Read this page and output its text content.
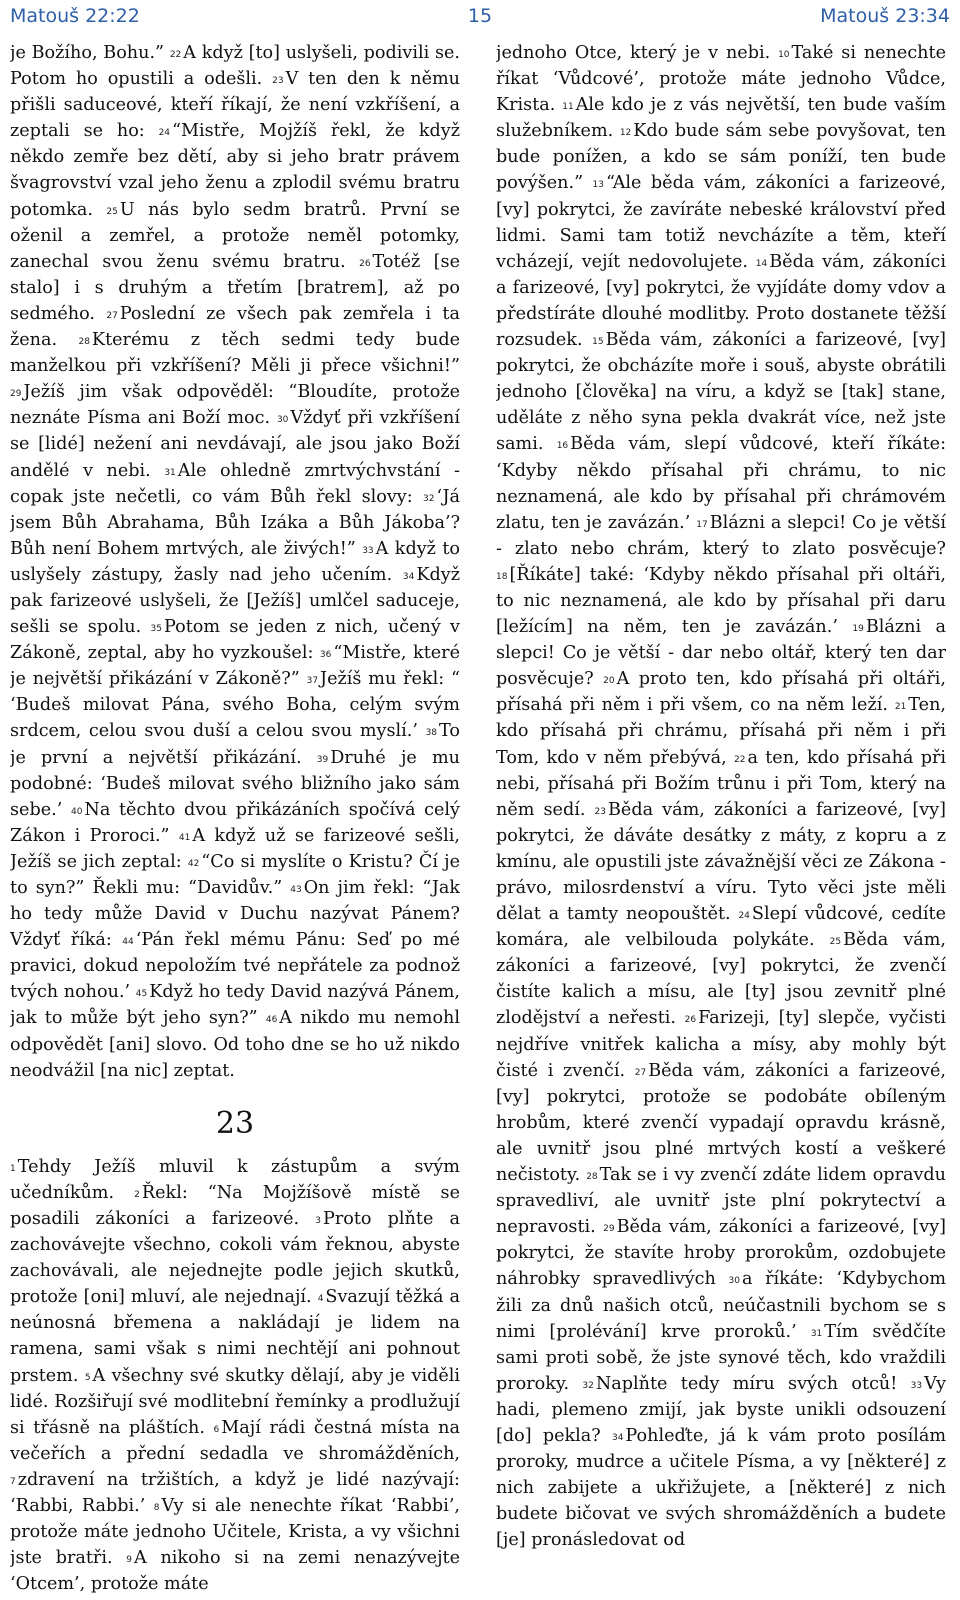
Matouš 22:22	15	Matouš 23:34

je Božího, Bohu.” $^{22}$ A když [to] uslyšeli, podivili se. Potom ho opustili a odešli. $^{23}$ V ten den k němu přišli saduceové, kteří říkají, že není vzkříšení, a zeptali se ho: $^{24}$ “Mistře, Mojžíš řekl, že když někdo zemře bez dětí, aby si jeho bratr právem švagrovství vzal jeho ženu a zplodil svému bratru potomka. $^{25}$ U nás bylo sedm bratrů. První se oženil a zemřel, a protože neměl potomky, zanechal svou ženu svému bratru. $^{26}$ Totéž [se stalo] i s druhým a třetím [bratrem], až po sedmého. $^{27}$ Poslední ze všech pak zemřela i ta žena. $^{28}$ Kterému z těch sedmi tedy bude manželkou při vzkříšení? Měli ji přece všichni!” $^{29}$ Ježíš jim však odpověděl: “Bloudíte, protože neznáte Písma ani Boží moc. $^{30}$ Vždyť při vzkříšení se [lidé] nežení ani nevdávají, ale jsou jako Boží andělé v nebi. $^{31}$ Ale ohledně zmrtvýchvstání - copak jste nečetli, co vám Bůh řekl slovy: $^{32}$ ‘Já jsem Bůh Abrahama, Bůh Izáka a Bůh Jákoba’? Bůh není Bohem mrtvých, ale živých!” $^{33}$ A když to uslyšely zástupy, žasly nad jeho učením. $^{34}$ Když pak farizeové uslyšeli, že [Ježíš] umlčel saduceje, sešli se spolu. $^{35}$ Potom se jeden z nich, učený v Zákoně, zeptal, aby ho vyzkoušel: $^{36}$ “Mistře, které je největší přikázání v Zákoně?” $^{37}$ Ježíš mu řekl: “ ‘Budeš milovat Pána, svého Boha, celým svým srdcem, celou svou duší a celou svou myslí.’ $^{38}$ To je první a největší přikázání. $^{39}$ Druhé je mu podobné: ‘Budeš milovat svého bližního jako sám sebe.’ $^{40}$ Na těchto dvou přikázáních spočívá celý Zákon i Proroci.” $^{41}$ A když už se farizeové sešli, Ježíš se jich zeptal: $^{42}$ “Co si myslíte o Kristu? Čí je to syn?” Řekli mu: “Davidův.” $^{43}$ On jim řekl: “Jak ho tedy může David v Duchu nazývat Pánem? Vždyť říká: $^{44}$ ‘Pán řekl mému Pánu: Seď po mé pravici, dokud nepoložím tvé nepřátele za podnož tvých nohou.’ $^{45}$ Když ho tedy David nazývá Pánem, jak to může být jeho syn?” $^{46}$ A nikdo mu nemohl odpovědět [ani] slovo. Od toho dne se ho už nikdo neodvážil [na nic] zeptat.

23

$^1$ Tehdy Ježíš mluvil k zástupům a svým učedníkům. $^2$ Řekl: “Na Mojžíšově místě se posadili zákoníci a farizeové. $^3$ Proto plňte a zachovávejte všechno, cokoli vám řeknou, abyste zachovávali, ale nejednejte podle jejich skutků, protože [oni] mluví, ale nejednají. $^4$ Svazují těžká a neúnosná břemena a nakládají je lidem na ramena, sami však s nimi nechtějí ani pohnout prstem. $^5$ A všechny své skutky dělají, aby je viděli lidé. Rozšiřují své modlitební řemínky a prodlužují si třásně na pláštích. $^6$ Mají rádi čestná místa na večeřích a přední sedadla ve shromážděních, $^7$ zdravení na tržištích, a když je lidé nazývají: ‘Rabbi, Rabbi.’ $^8$ Vy si ale nenechte říkat ‘Rabbi’, protože máte jednoho Učitele, Krista, a vy všichni jste bratři. $^9$ A nikoho si na zemi nenazývejte ‘Otcem’, protože máte

jednoho Otce, který je v nebi. $^{10}$ Také si nenechte říkat ‘Vůdcové’, protože máte jednoho Vůdce, Krista. $^{11}$ Ale kdo je z vás největší, ten bude vaším služebníkem. $^{12}$ Kdo bude sám sebe povyšovat, ten bude ponížen, a kdo se sám poníží, ten bude povýšen.” $^{13}$ “Ale běda vám, zákoníci a farizeové, [vy] pokrytci, že zavíráte nebeské království před lidmi. Sami tam totiž nevcházíte a těm, kteří vcházejí, vejít nedovolujete. $^{14}$ Běda vám, zákoníci a farizeové, [vy] pokrytci, že vyjídáte domy vdov a předstíráte dlouhé modlitby. Proto dostanete těžší rozsudek. $^{15}$ Běda vám, zákoníci a farizeové, [vy] pokrytci, že obcházíte moře i souš, abyste obrátili jednoho [člověka] na víru, a když se [tak] stane, uděláte z něho syna pekla dvakrát více, než jste sami. $^{16}$ Běda vám, slepí vůdcové, kteří říkáte: ‘Kdyby někdo přísahal při chrámu, to nic neznamená, ale kdo by přísahal při chrámovém zlatu, ten je zavázán.’ $^{17}$ Blázni a slepci! Co je větší - zlato nebo chrám, který to zlato posvěcuje? $^{18}$ [Říkáte] také: ‘Kdyby někdo přísahal při oltáři, to nic neznamená, ale kdo by přísahal při daru [ležícím] na něm, ten je zavázán.’ $^{19}$ Blázni a slepci! Co je větší - dar nebo oltář, který ten dar posvěcuje? $^{20}$ A proto ten, kdo přísahá při oltáři, přísahá při něm i při všem, co na něm leží. $^{21}$ Ten, kdo přísahá při chrámu, přísahá při něm i při Tom, kdo v něm přebývá, $^{22}$ a ten, kdo přísahá při nebi, přísahá při Božím trůnu i při Tom, který na něm sedí. $^{23}$ Běda vám, zákoníci a farizeové, [vy] pokrytci, že dáváte desátky z máty, z kopru a z kmínu, ale opustili jste závažnější věci ze Zákona - právo, milosrdenství a víru. Tyto věci jste měli dělat a tamty neopouštět. $^{24}$ Slepí vůdcové, cedíte komára, ale velbilouda polykáte. $^{25}$ Běda vám, zákoníci a farizeové, [vy] pokrytci, že zvenčí čistíte kalich a mísu, ale [ty] jsou zevnitř plné zlodějství a neřesti. $^{26}$ Farizeji, [ty] slepče, vyčisti nejdříve vnitřek kalicha a mísy, aby mohly být čisté i zvenčí. $^{27}$ Běda vám, zákoníci a farizeové, [vy] pokrytci, protože se podobáte obíleným hrobům, které zvenčí vypadají opravdu krásně, ale uvnitř jsou plné mrtvých kostí a veškeré nečistoty. $^{28}$ Tak se i vy zvenčí zdáte lidem opravdu spravedliví, ale uvnitř jste plní pokrytectví a nepravosti. $^{29}$ Běda vám, zákoníci a farizeové, [vy] pokrytci, že stavíte hroby prorokům, ozdobujete náhrobky spravedlivých $^{30}$ a říkáte: ‘Kdybychom žili za dnů našich otců, neúčastnili bychom se s nimi [prolévání] krve proroků.’ $^{31}$ Tím svědčíte sami proti sobě, že jste synové těch, kdo vraždili proroky. $^{32}$ Naplňte tedy míru svých otců! $^{33}$ Vy hadi, plemeno zmijí, jak byste unikli odsouzení [do] pekla? $^{34}$ Pohleďte, já k vám proto posílám proroky, mudrce a učitele Písma, a vy [některé] z nich zabijete a ukřižujete, a [některé] z nich budete bičovat ve svých shromážděních a budete [je] pronásledovat od
